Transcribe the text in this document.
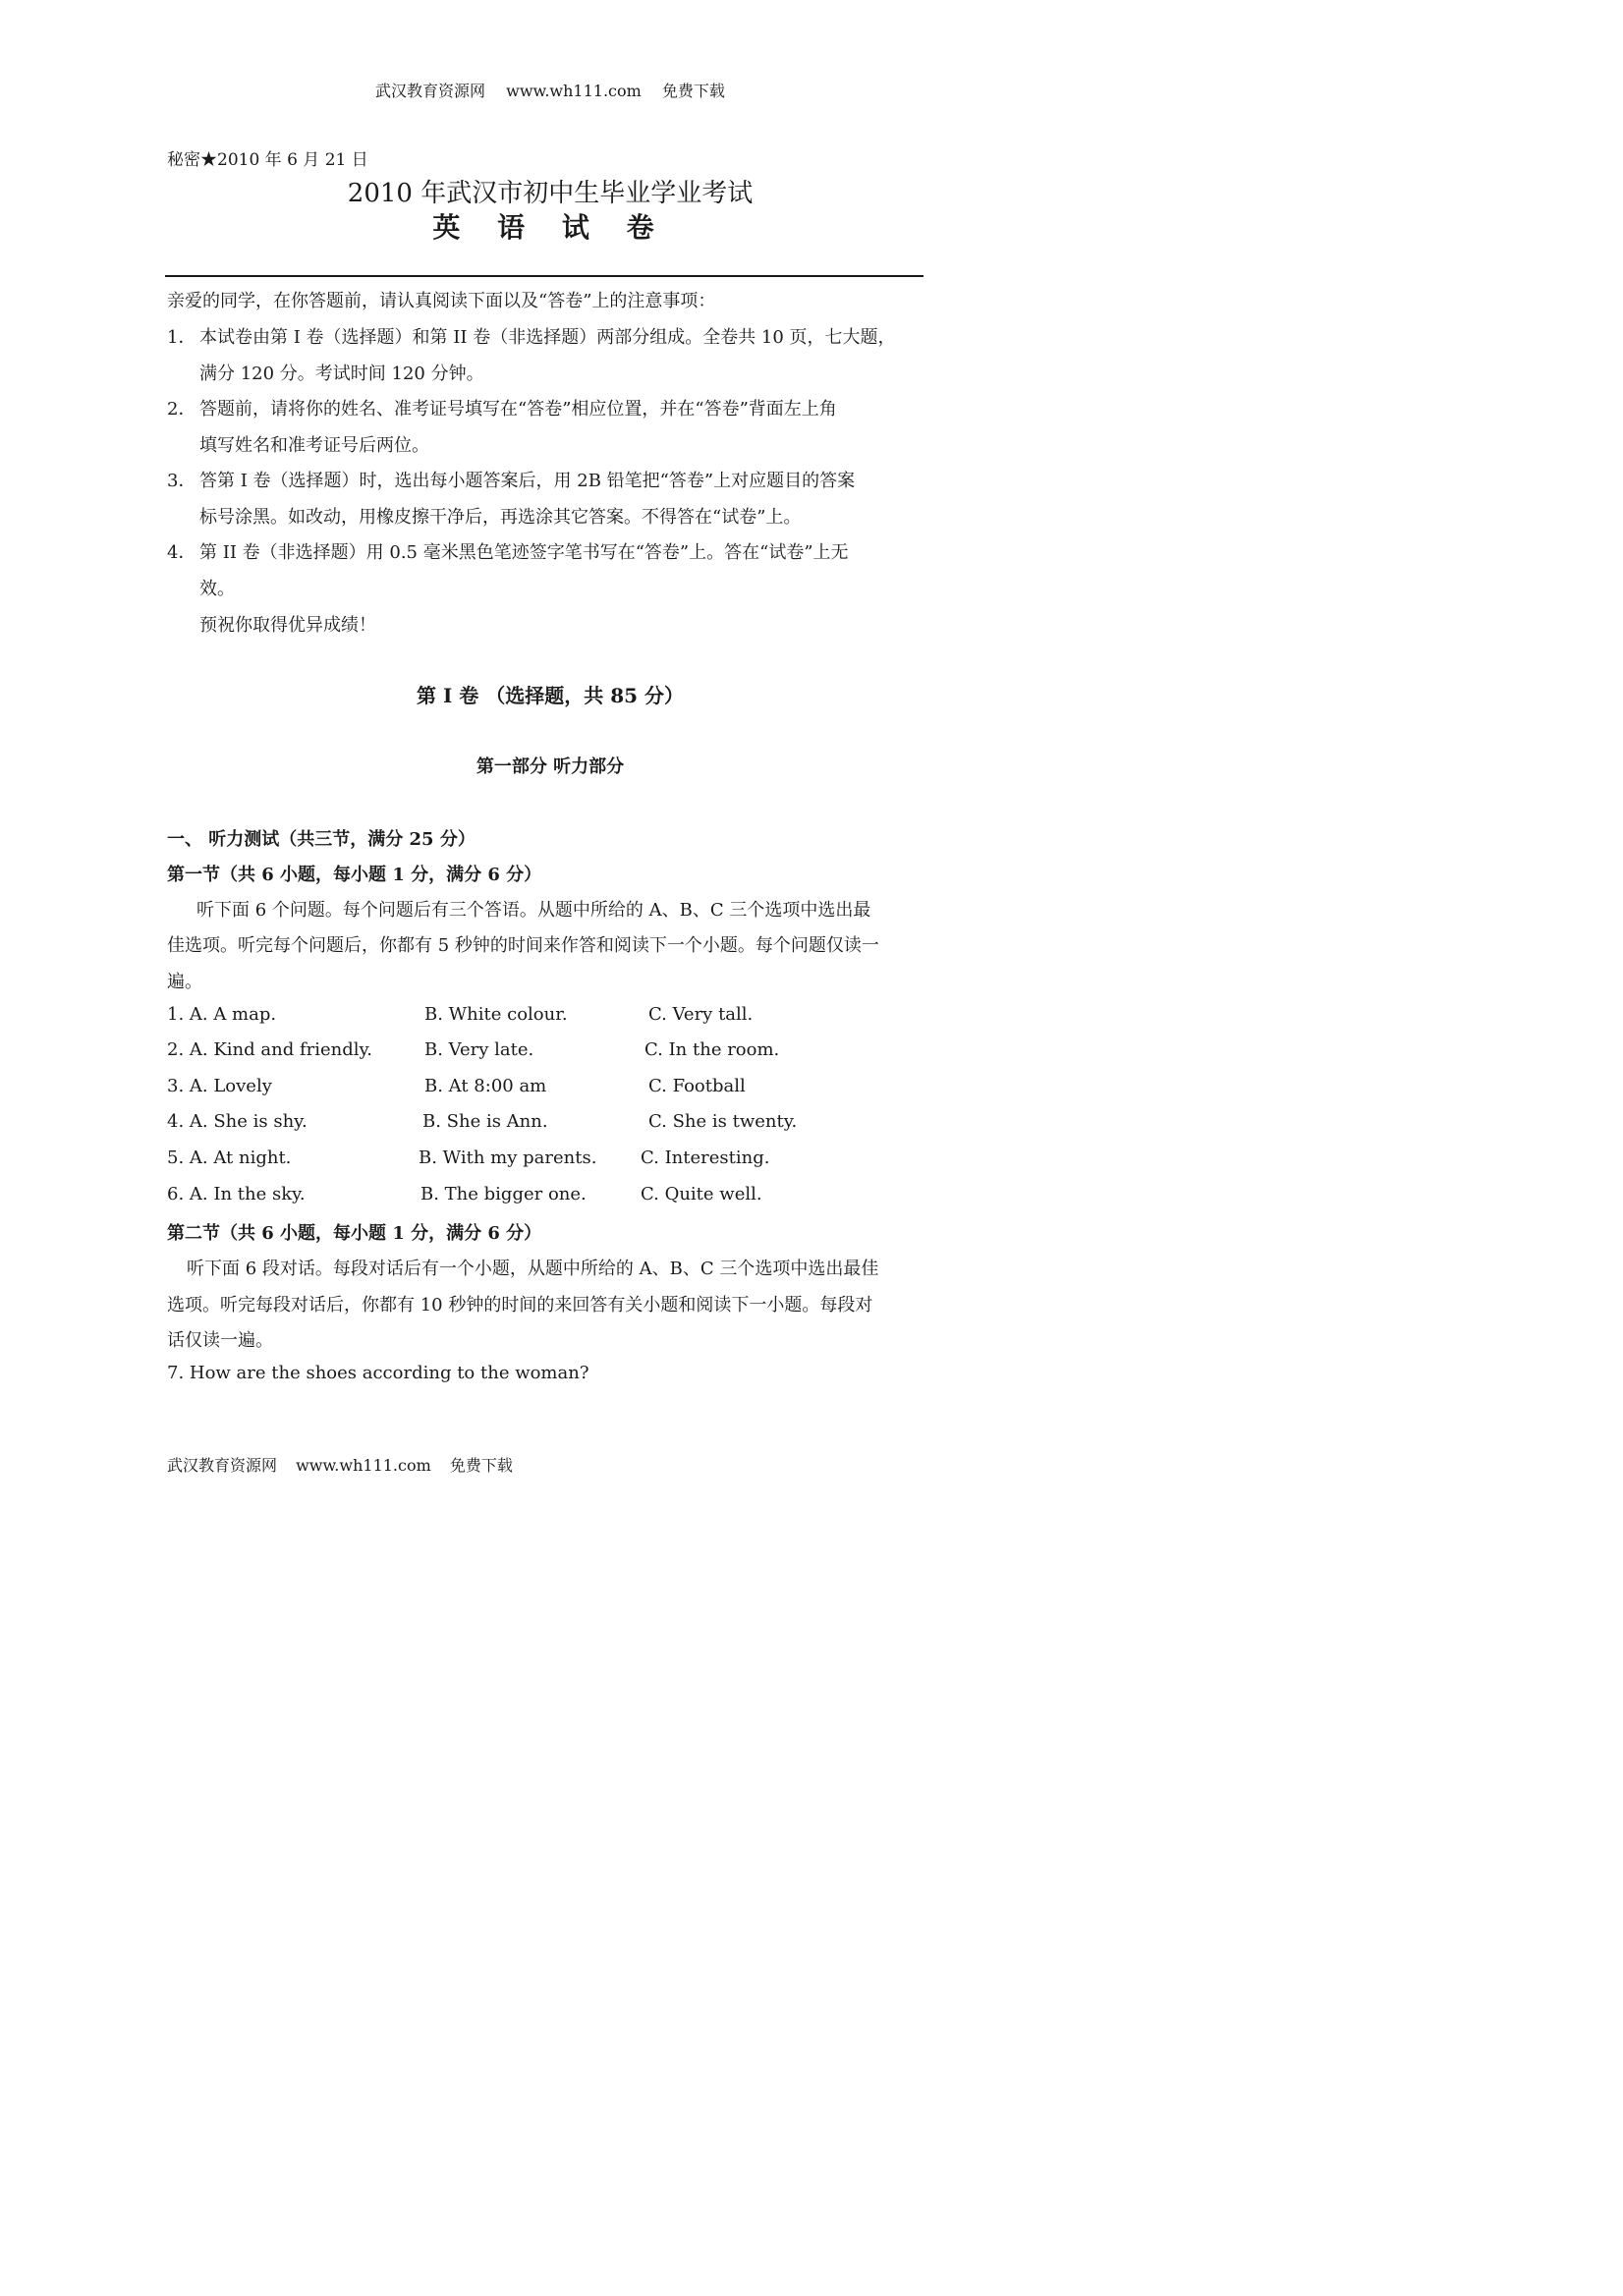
武汉教育资源网 www.wh111.com 免费下载
秘密★2010 年 6 月 21 日
2010 年武汉市初中生毕业学业考试
英 语 试 卷
亲爱的同学，在你答题前，请认真阅读下面以及“答卷”上的注意事项：
1． 本试卷由第 I 卷（选择题）和第 II 卷（非选择题）两部分组成。全卷共 10 页，七大题，
满分 120 分。考试时间 120 分钟。
2． 答题前，请将你的姓名、准考证号填写在“答卷”相应位置，并在“答卷”背面左上角
填写姓名和准考证号后两位。
3． 答第 I 卷（选择题）时，选出每小题答案后，用 2B 铅笔把“答卷”上对应题目的答案
标号涂黑。如改动，用橡皮擦干净后，再选涂其它答案。不得答在“试卷”上。
4． 第 II 卷（非选择题）用 0.5 毫米黑色笔迹签字笔书写在“答卷”上。答在“试卷”上无
效。
预祝你取得优异成绩！
第 I 卷 （选择题，共 85 分）
第一部分 听力部分
一、 听力测试（共三节，满分 25 分）
第一节（共 6 小题，每小题 1 分，满分 6 分）
听下面 6 个问题。每个问题后有三个答语。从题中所给的 A、B、C 三个选项中选出最
佳选项。听完每个问题后，你都有 5 秒钟的时间来作答和阅读下一个小题。每个问题仅读一
遍。
1. A. A map.	B. White colour.	C. Very tall.
2. A. Kind and friendly.	B. Very late.	C. In the room.
3. A. Lovely	B. At 8:00 am	C. Football
4. A. She is shy.	B. She is Ann.	C. She is twenty.
5. A. At night.	B. With my parents. C. Interesting.
6. A. In the sky.	B. The bigger one.	C. Quite well.
第二节（共 6 小题，每小题 1 分，满分 6 分）
听下面 6 段对话。每段对话后有一个小题，从题中所给的 A、B、C 三个选项中选出最佳
选项。听完每段对话后，你都有 10 秒钟的时间的来回答有关小题和阅读下一小题。每段对
话仅读一遍。
7. How are the shoes according to the woman?
武汉教育资源网 www.wh111.com 免费下载
